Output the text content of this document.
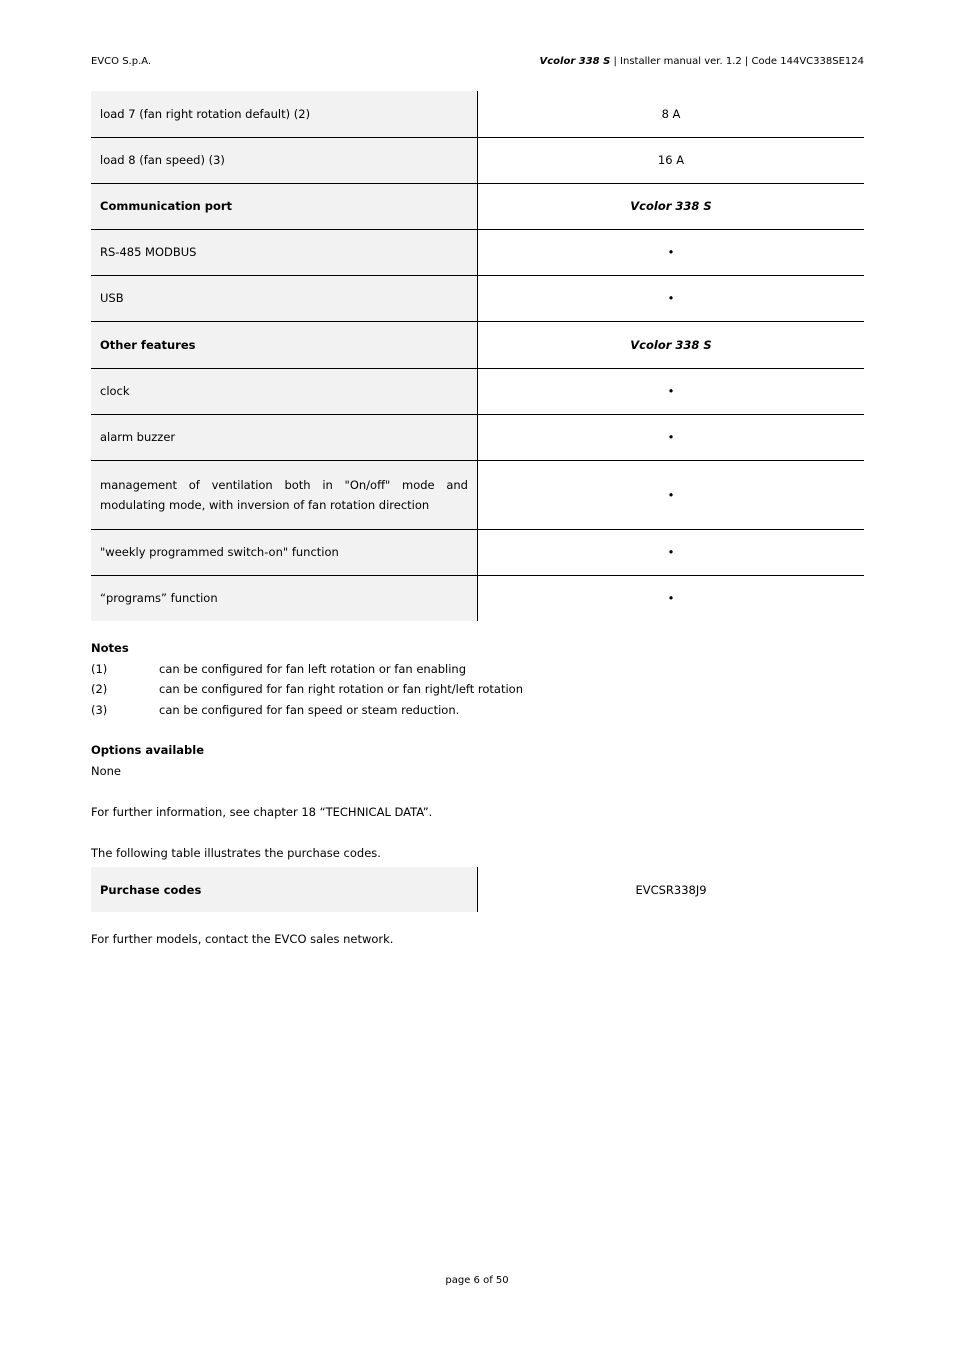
EVCO S.p.A.	Vcolor 338 S | Installer manual ver. 1.2 | Code 144VC338SE124
load 7 (fan right rotation default) (2)	8 A
load 8 (fan speed) (3)	16 A
Communication port	Vcolor 338 S
RS-485 MODBUS	•
USB	•
Other features	Vcolor 338 S
clock	•
alarm buzzer	•
management of ventilation both in "On/off" mode and modulating mode, with inversion of fan rotation direction	•
"weekly programmed switch-on" function	•
“programs” function	•
Notes
(1)	can be configured for fan left rotation or fan enabling
(2)	can be configured for fan right rotation or fan right/left rotation
(3)	can be configured for fan speed or steam reduction.
Options available
None
For further information, see chapter 18 “TECHNICAL DATA”.
The following table illustrates the purchase codes.
Purchase codes	EVCSR338J9
For further models, contact the EVCO sales network.
page 6 of 50
